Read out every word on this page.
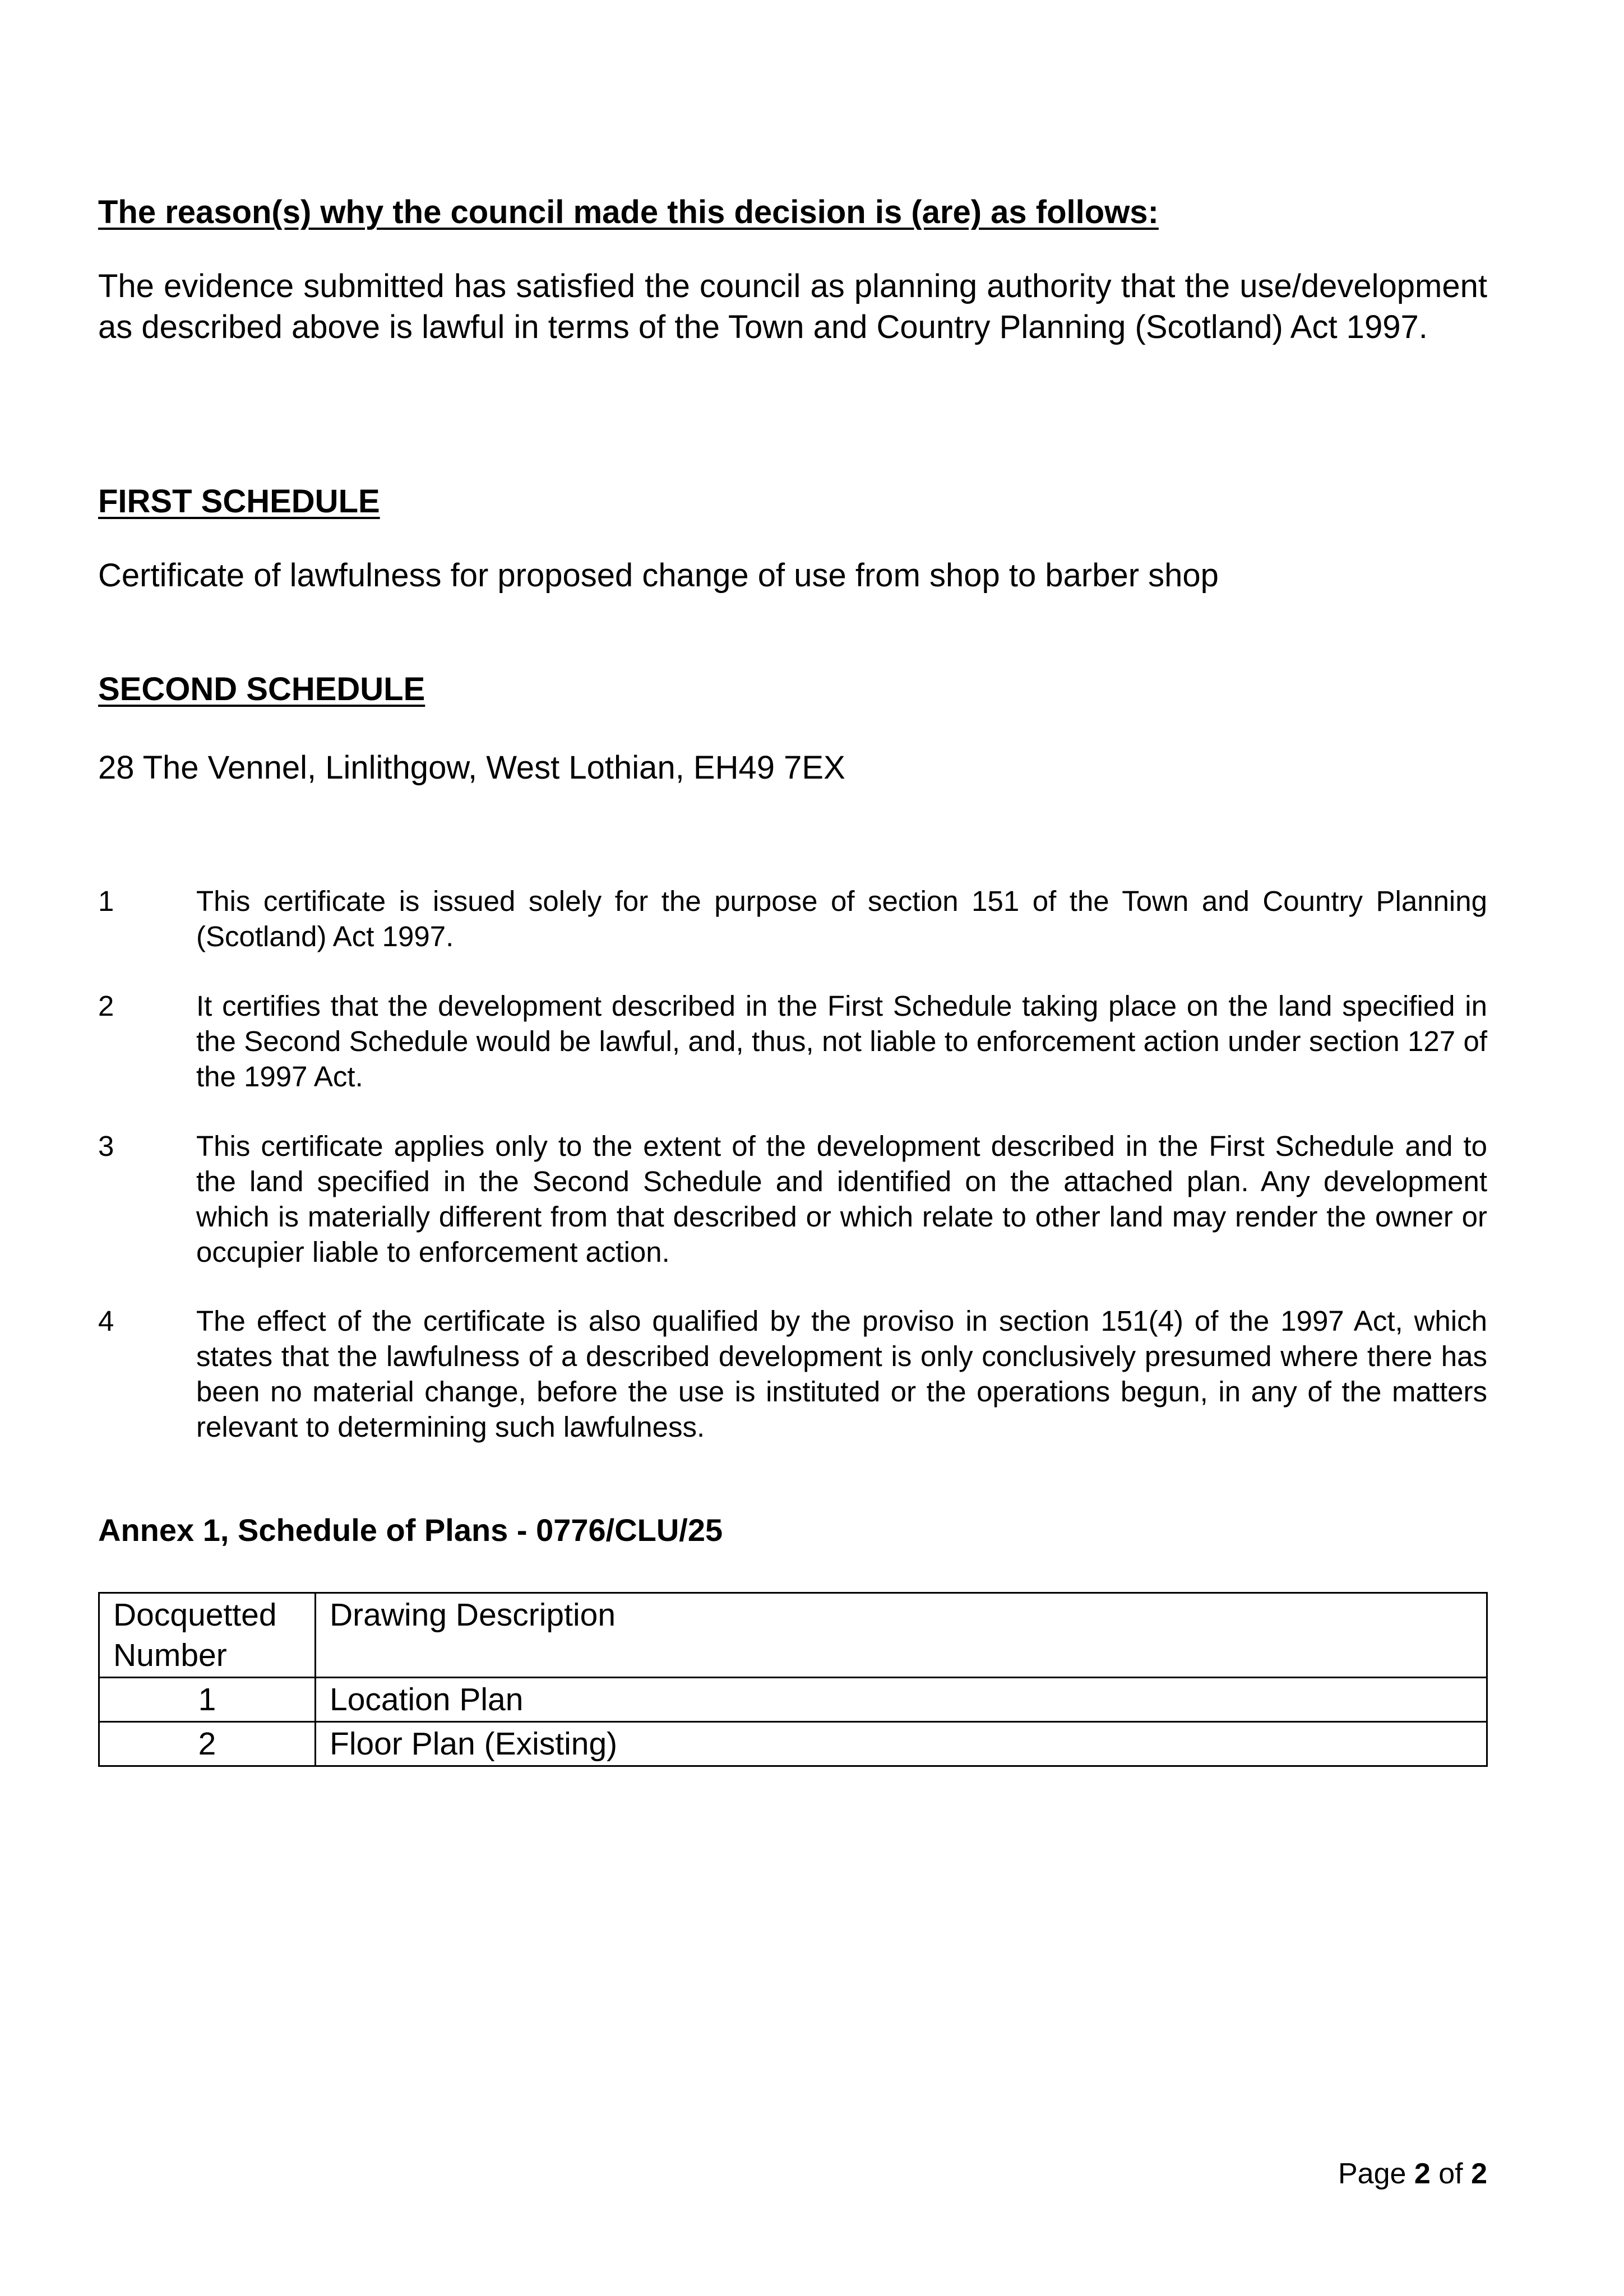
The reason(s) why the council made this decision is (are) as follows:
The evidence submitted has satisfied the council as planning authority that the use/development as described above is lawful in terms of the Town and Country Planning (Scotland) Act 1997.
FIRST SCHEDULE
Certificate of lawfulness for proposed change of use from shop to barber shop
SECOND SCHEDULE
28 The Vennel, Linlithgow, West Lothian, EH49 7EX
1	This certificate is issued solely for the purpose of section 151 of the Town and Country Planning (Scotland) Act 1997.
2	It certifies that the development described in the First Schedule taking place on the land specified in the Second Schedule would be lawful, and, thus, not liable to enforcement action under section 127 of the 1997 Act.
3	This certificate applies only to the extent of the development described in the First Schedule and to the land specified in the Second Schedule and identified on the attached plan. Any development which is materially different from that described or which relate to other land may render the owner or occupier liable to enforcement action.
4	The effect of the certificate is also qualified by the proviso in section 151(4) of the 1997 Act, which states that the lawfulness of a described development is only conclusively presumed where there has been no material change, before the use is instituted or the operations begun, in any of the matters relevant to determining such lawfulness.
Annex 1, Schedule of Plans - 0776/CLU/25
Docquetted Number	Drawing Description
1	Location Plan
2	Floor Plan (Existing)
Page 2 of 2
